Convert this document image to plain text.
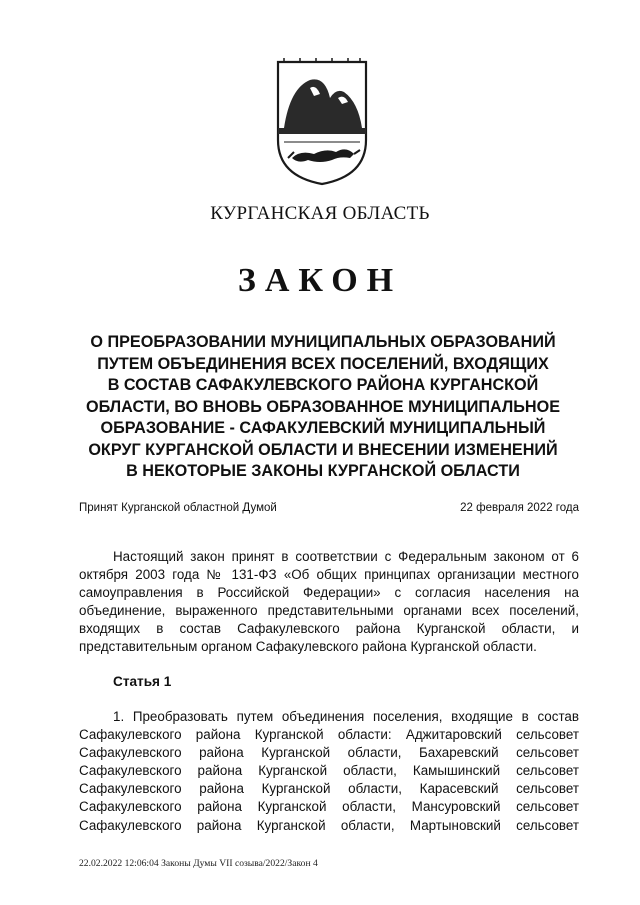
КУРГАНСКАЯ ОБЛАСТЬ
ЗАКОН
О ПРЕОБРАЗОВАНИИ МУНИЦИПАЛЬНЫХ ОБРАЗОВАНИЙ
ПУТЕМ ОБЪЕДИНЕНИЯ ВСЕХ ПОСЕЛЕНИЙ, ВХОДЯЩИХ
В СОСТАВ САФАКУЛЕВСКОГО РАЙОНА КУРГАНСКОЙ
ОБЛАСТИ, ВО ВНОВЬ ОБРАЗОВАННОЕ МУНИЦИПАЛЬНОЕ
ОБРАЗОВАНИЕ - САФАКУЛЕВСКИЙ МУНИЦИПАЛЬНЫЙ
ОКРУГ КУРГАНСКОЙ ОБЛАСТИ И ВНЕСЕНИИ ИЗМЕНЕНИЙ
В НЕКОТОРЫЕ ЗАКОНЫ КУРГАНСКОЙ ОБЛАСТИ
Принят Курганской областной Думой	22 февраля 2022 года
Настоящий закон принят в соответствии с Федеральным законом от 6 октября 2003 года № 131-ФЗ «Об общих принципах организации местного самоуправления в Российской Федерации» с согласия населения на объединение, выраженного представительными органами всех поселений, входящих в состав Сафакулевского района Курганской области, и представительным органом Сафакулевского района Курганской области.
Статья 1
1. Преобразовать путем объединения поселения, входящие в состав
Сафакулевского района Курганской области: Аджитаровский сельсовет
Сафакулевского района Курганской области, Бахаревский сельсовет
Сафакулевского района Курганской области, Камышинский сельсовет
Сафакулевского района Курганской области, Карасевский сельсовет
Сафакулевского района Курганской области, Мансуровский сельсовет
Сафакулевского района Курганской области, Мартыновский сельсовет
22.02.2022 12:06:04 Законы Думы VII созыва/2022/Закон 4
